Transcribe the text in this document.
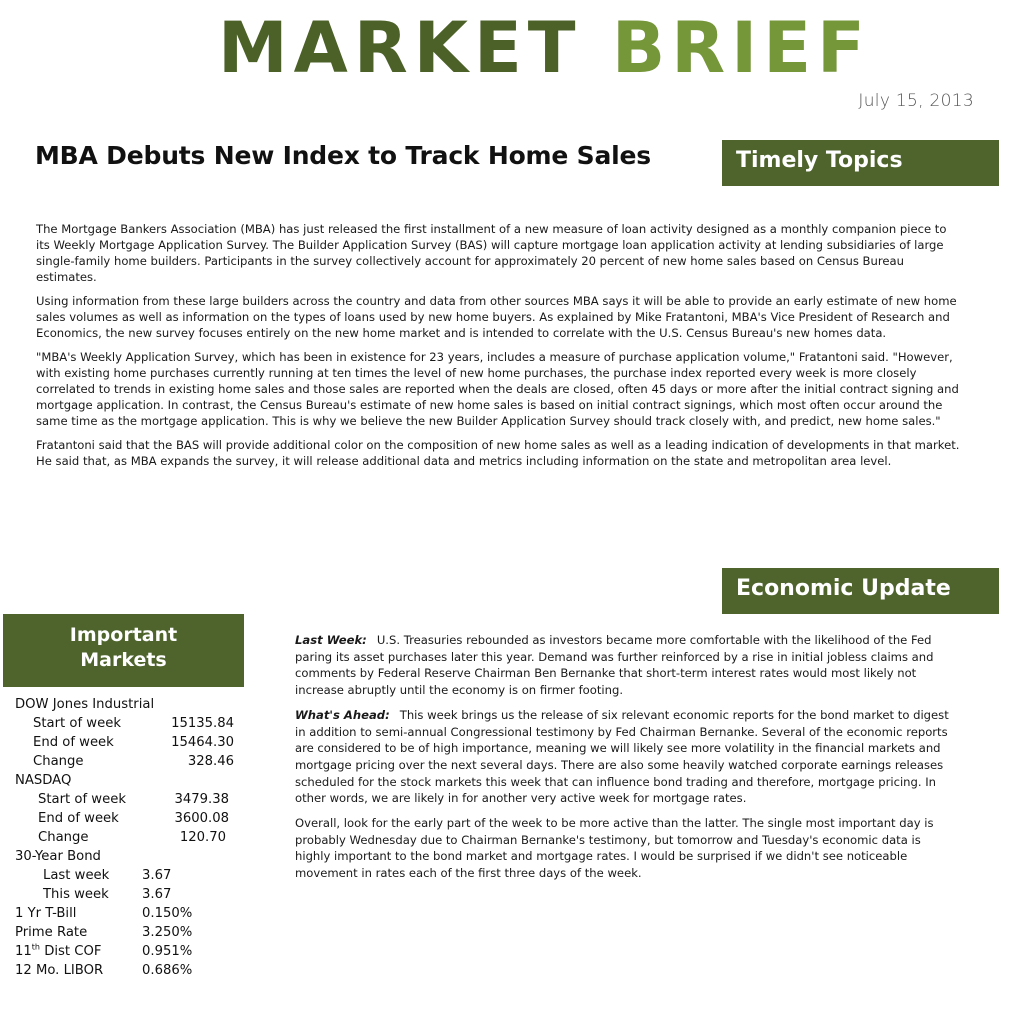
MARKET BRIEF
July 15, 2013
MBA Debuts New Index to Track Home Sales	Timely Topics

The Mortgage Bankers Association (MBA) has just released the first installment of a new measure of loan activity designed as a monthly companion piece to its Weekly Mortgage Application Survey. The Builder Application Survey (BAS) will capture mortgage loan application activity at lending subsidiaries of large single-family home builders. Participants in the survey collectively account for approximately 20 percent of new home sales based on Census Bureau estimates.

Using information from these large builders across the country and data from other sources MBA says it will be able to provide an early estimate of new home sales volumes as well as information on the types of loans used by new home buyers. As explained by Mike Fratantoni, MBA's Vice President of Research and Economics, the new survey focuses entirely on the new home market and is intended to correlate with the U.S. Census Bureau's new homes data.

"MBA's Weekly Application Survey, which has been in existence for 23 years, includes a measure of purchase application volume," Fratantoni said. "However, with existing home purchases currently running at ten times the level of new home purchases, the purchase index reported every week is more closely correlated to trends in existing home sales and those sales are reported when the deals are closed, often 45 days or more after the initial contract signing and mortgage application. In contrast, the Census Bureau's estimate of new home sales is based on initial contract signings, which most often occur around the same time as the mortgage application. This is why we believe the new Builder Application Survey should track closely with, and predict, new home sales."

Fratantoni said that the BAS will provide additional color on the composition of new home sales as well as a leading indication of developments in that market. He said that, as MBA expands the survey, it will release additional data and metrics including information on the state and metropolitan area level.

Economic Update
Important
Markets
DOW Jones Industrial
Start of week	15135.84
End of week	15464.30
Change	328.46
NASDAQ
Start of week	3479.38
End of week	3600.08
Change	120.70
30-Year Bond
Last week 3.67
This week	3.67
1 Yr T-Bill	0.150%
Prime Rate	3.250%
11th Dist COF	0.951%
12 Mo. LIBOR	0.686%

Last Week: U.S. Treasuries rebounded as investors became more comfortable with the likelihood of the Fed paring its asset purchases later this year. Demand was further reinforced by a rise in initial jobless claims and comments by Federal Reserve Chairman Ben Bernanke that short-term interest rates would most likely not increase abruptly until the economy is on firmer footing.

What's Ahead: This week brings us the release of six relevant economic reports for the bond market to digest in addition to semi-annual Congressional testimony by Fed Chairman Bernanke. Several of the economic reports are considered to be of high importance, meaning we will likely see more volatility in the financial markets and mortgage pricing over the next several days. There are also some heavily watched corporate earnings releases scheduled for the stock markets this week that can influence bond trading and therefore, mortgage pricing. In other words, we are likely in for another very active week for mortgage rates.

Overall, look for the early part of the week to be more active than the latter. The single most important day is probably Wednesday due to Chairman Bernanke's testimony, but tomorrow and Tuesday's economic data is highly important to the bond market and mortgage rates. I would be surprised if we didn't see noticeable movement in rates each of the first three days of the week.
